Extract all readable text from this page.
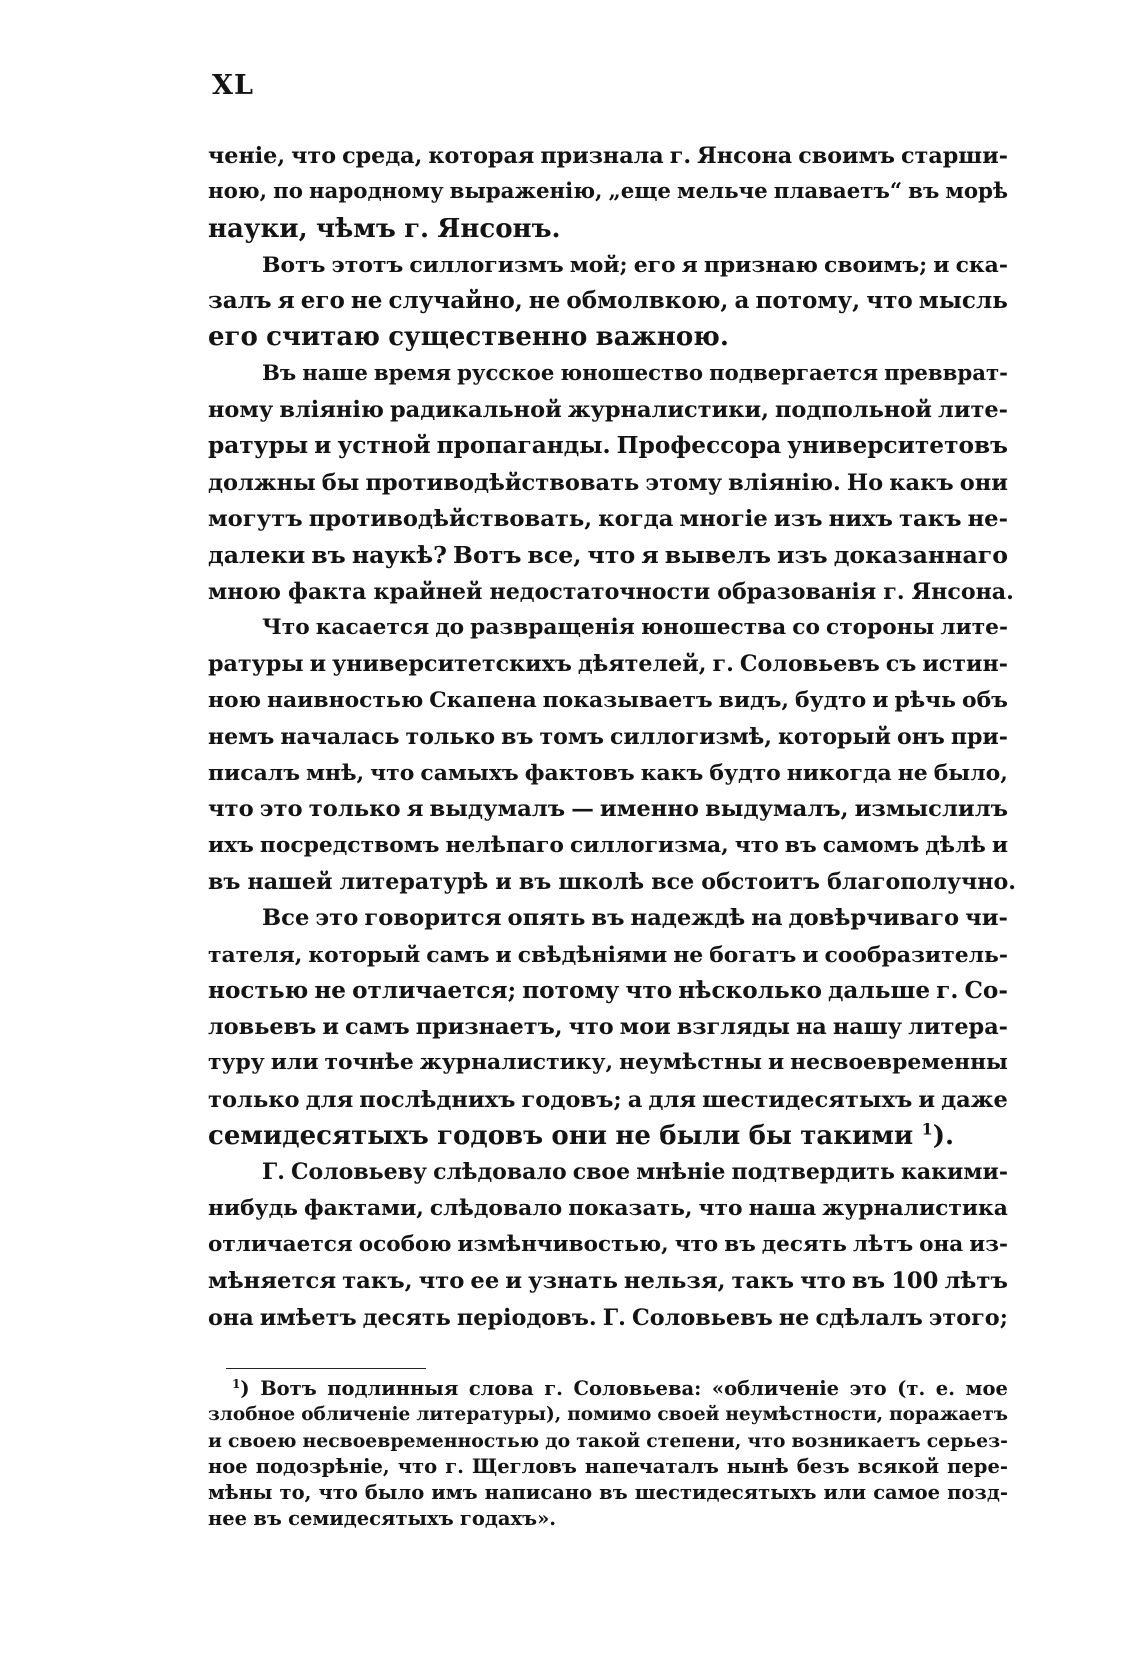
XL
ченіе, что среда, которая признала г. Янсона своимъ старши-
ною, по народному выраженію, „еще мельче плаваетъ“ въ морѣ
науки, чѣмъ г. Янсонъ.
Вотъ этотъ силлогизмъ мой; его я признаю своимъ; и ска-
залъ я его не случайно, не обмолвкою, а потому, что мысль
его считаю существенно важною.
Въ наше время русское юношество подвергается превврат-
ному вліянію радикальной журналистики, подпольной лите-
ратуры и устной пропаганды. Профессора университетовъ
должны бы противодѣйствовать этому вліянію. Но какъ они
могутъ противодѣйствовать, когда многіе изъ нихъ такъ не-
далеки въ наукѣ? Вотъ все, что я вывелъ изъ доказаннаго
мною факта крайней недостаточности образованія г. Янсона.
Что касается до развращенія юношества со стороны лите-
ратуры и университетскихъ дѣятелей, г. Соловьевъ съ истин-
ною наивностью Скапена показываетъ видъ, будто и рѣчь объ
немъ началась только въ томъ силлогизмѣ, который онъ при-
писалъ мнѣ, что самыхъ фактовъ какъ будто никогда не было,
что это только я выдумалъ — именно выдумалъ, измыслилъ
ихъ посредствомъ нелѣпаго силлогизма, что въ самомъ дѣлѣ и
въ нашей литературѣ и въ школѣ все обстоитъ благополучно.
Все это говорится опять въ надеждѣ на довѣрчиваго чи-
тателя, который самъ и свѣдѣніями не богатъ и сообразитель-
ностью не отличается; потому что нѣсколько дальше г. Со-
ловьевъ и самъ признаетъ, что мои взгляды на нашу литера-
туру или точнѣе журналистику, неумѣстны и несвоевременны
только для послѣднихъ годовъ; а для шестидесятыхъ и даже
семидесятыхъ годовъ они не были бы такими $^1$).
Г. Соловьеву слѣдовало свое мнѣніе подтвердить какими-
нибудь фактами, слѣдовало показать, что наша журналистика
отличается особою измѣнчивостью, что въ десять лѣтъ она из-
мѣняется такъ, что ее и узнать нельзя, такъ что въ 100 лѣтъ
она имѣетъ десять періодовъ. Г. Соловьевъ не сдѣлалъ этого;
$^1$) Вотъ подлинныя слова г. Соловьева: «обличеніе это (т. е. мое
злобное обличеніе литературы), помимо своей неумѣстности, поражаетъ
и своею несвоевременностью до такой степени, что возникаетъ серьез-
ное подозрѣніе, что г. Щегловъ напечаталъ нынѣ безъ всякой пере-
мѣны то, что было имъ написано въ шестидесятыхъ или самое позд-
нее въ семидесятыхъ годахъ».
